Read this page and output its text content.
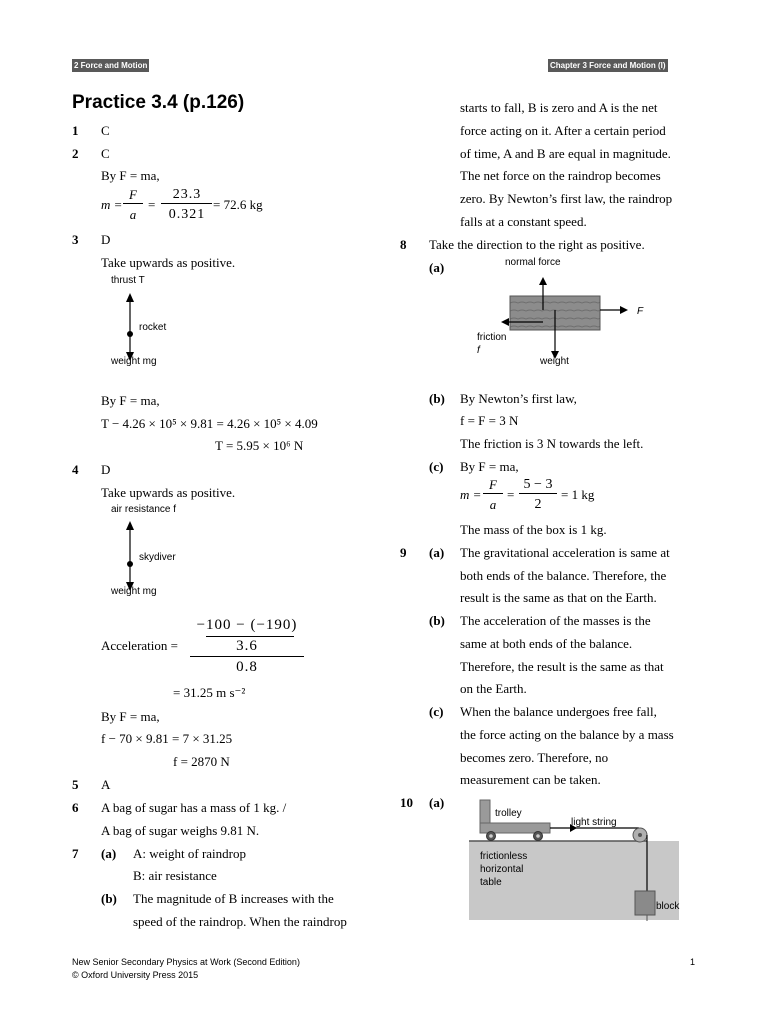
2 Force and Motion	Chapter 3 Force and Motion (I)
Practice 3.4 (p.126)
1 C
2 C
By F = ma,
m =
F
a
=
23.3
0.321
= 72.6 kg
3 D
Take upwards as positive.
thrust T
rocket
weight mg
By F = ma,
T − 4.26 × 10⁵ × 9.81 = 4.26 × 10⁵ × 4.09
T = 5.95 × 10⁶ N
4 D
Take upwards as positive.
air resistance f
skydiver
weight mg
Acceleration =
−100 − (−190)
3.6
0.8
= 31.25 m s⁻²
By F = ma,
f − 70 × 9.81 = 7 × 31.25
f = 2870 N
5 A
6 A bag of sugar has a mass of 1 kg. /
A bag of sugar weighs 9.81 N.
7 (a) A: weight of raindrop
B: air resistance
(b) The magnitude of B increases with the
speed of the raindrop. When the raindrop
starts to fall, B is zero and A is the net
force acting on it. After a certain period
of time, A and B are equal in magnitude.
The net force on the raindrop becomes
zero. By Newton’s first law, the raindrop
falls at a constant speed.
8 Take the direction to the right as positive.
(a)	normal force
F
friction
f
weight
(b) By Newton’s first law,
f = F = 3 N
The friction is 3 N towards the left.
(c) By F = ma,
m =
F
a
=
5 − 3
2
= 1 kg
The mass of the box is 1 kg.
9 (a) The gravitational acceleration is same at
both ends of the balance. Therefore, the
result is the same as that on the Earth.
(b) The acceleration of the masses is the
same at both ends of the balance.
Therefore, the result is the same as that
on the Earth.
(c) When the balance undergoes free fall,
the force acting on the balance by a mass
becomes zero. Therefore, no
measurement can be taken.
10 (a)
trolley
light string
frictionless
horizontal
table
block
New Senior Secondary Physics at Work (Second Edition)
© Oxford University Press 2015
1
